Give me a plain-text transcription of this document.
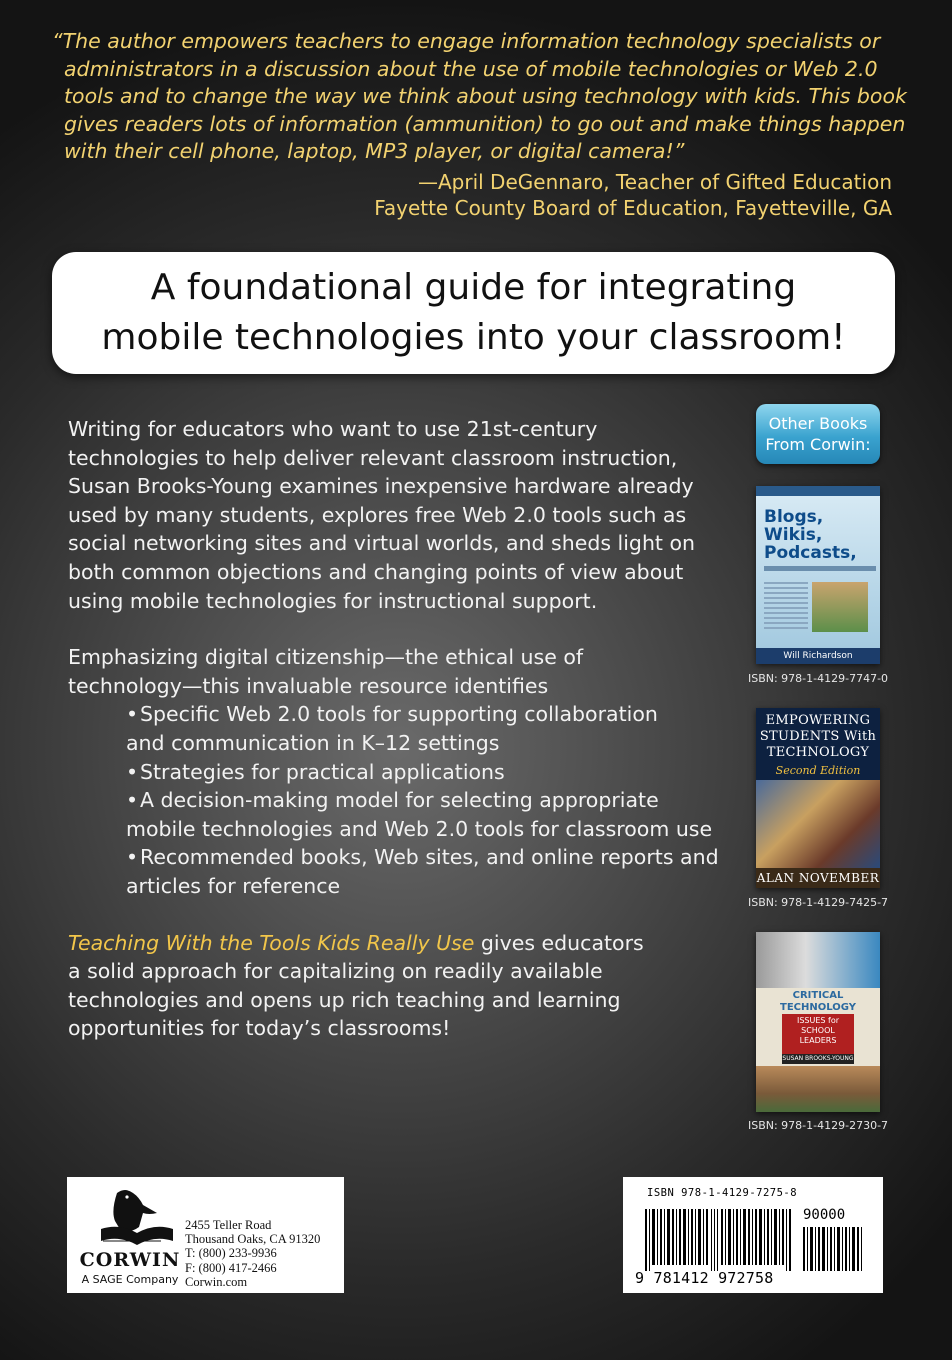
“The author empowers teachers to engage information technology specialists or
administrators in a discussion about the use of mobile technologies or Web 2.0
tools and to change the way we think about using technology with kids. This book
gives readers lots of information (ammunition) to go out and make things happen
with their cell phone, laptop, MP3 player, or digital camera!”
—April DeGennaro, Teacher of Gifted Education
Fayette County Board of Education, Fayetteville, GA
A foundational guide for integrating
mobile technologies into your classroom!
Writing for educators who want to use 21st-century
technologies to help deliver relevant classroom instruction,
Susan Brooks-Young examines inexpensive hardware already
used by many students, explores free Web 2.0 tools such as
social networking sites and virtual worlds, and sheds light on
both common objections and changing points of view about
using mobile technologies for instructional support.
Emphasizing digital citizenship—the ethical use of
technology—this invaluable resource identifies
• Specific Web 2.0 tools for supporting collaboration
and communication in K–12 settings
• Strategies for practical applications
• A decision-making model for selecting appropriate
mobile technologies and Web 2.0 tools for classroom use
• Recommended books, Web sites, and online reports and
articles for reference
Teaching With the Tools Kids Really Use gives educators
a solid approach for capitalizing on readily available
technologies and opens up rich teaching and learning
opportunities for today’s classrooms!
Other Books
From Corwin:
Blogs,
Wikis,
Podcasts,
Will Richardson
ISBN: 978-1-4129-7747-0
EMPOWERING
STUDENTS With
TECHNOLOGY
Second Edition
ALAN NOVEMBER
ISBN: 978-1-4129-7425-7
CRITICAL
TECHNOLOGY
ISSUES for SCHOOL LEADERS
SUSAN BROOKS-YOUNG
ISBN: 978-1-4129-2730-7
CORWIN
A SAGE Company
2455 Teller Road
Thousand Oaks, CA 91320
T: (800) 233-9936
F: (800) 417-2466
Corwin.com
ISBN 978-1-4129-7275-8
9 781412 972758
90000
